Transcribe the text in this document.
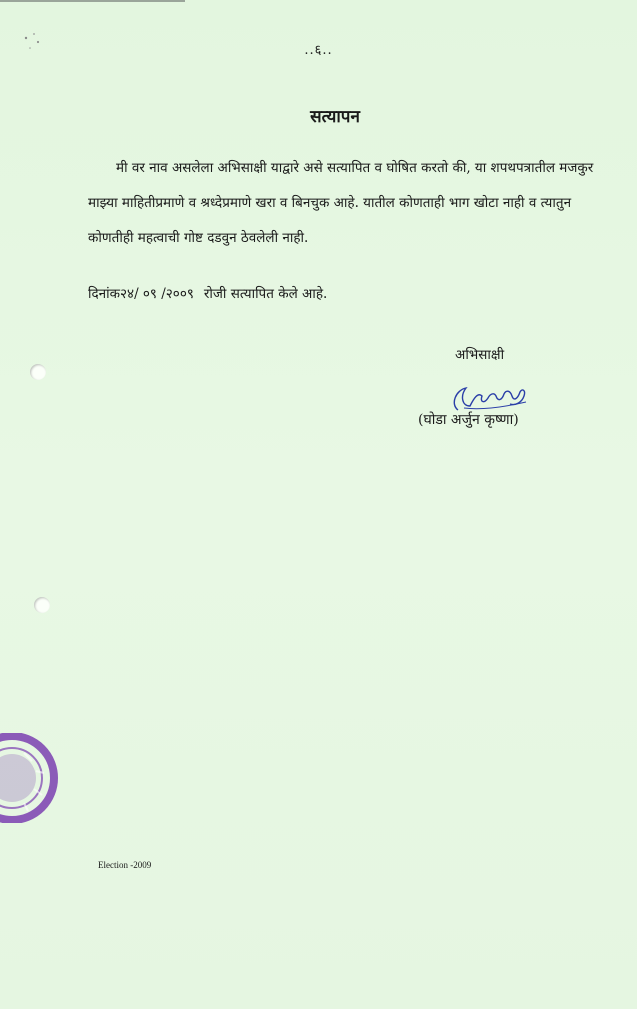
..६..
सत्यापन
मी वर नाव असलेला अभिसाक्षी याद्वारे असे सत्यापित व घोषित करतो की, या शपथपत्रातील मजकुर माझ्या माहितीप्रमाणे व श्रध्देप्रमाणे खरा व बिनचुक आहे. यातील कोणताही भाग खोटा नाही व त्यातुन कोणतीही महत्वाची गोष्ट दडवुन ठेवलेली नाही.
दिनांक२४/ ०९ /२००९ रोजी सत्यापित केले आहे.
अभिसाक्षी
(घोडा अर्जुन कृष्णा)
Election -2009
